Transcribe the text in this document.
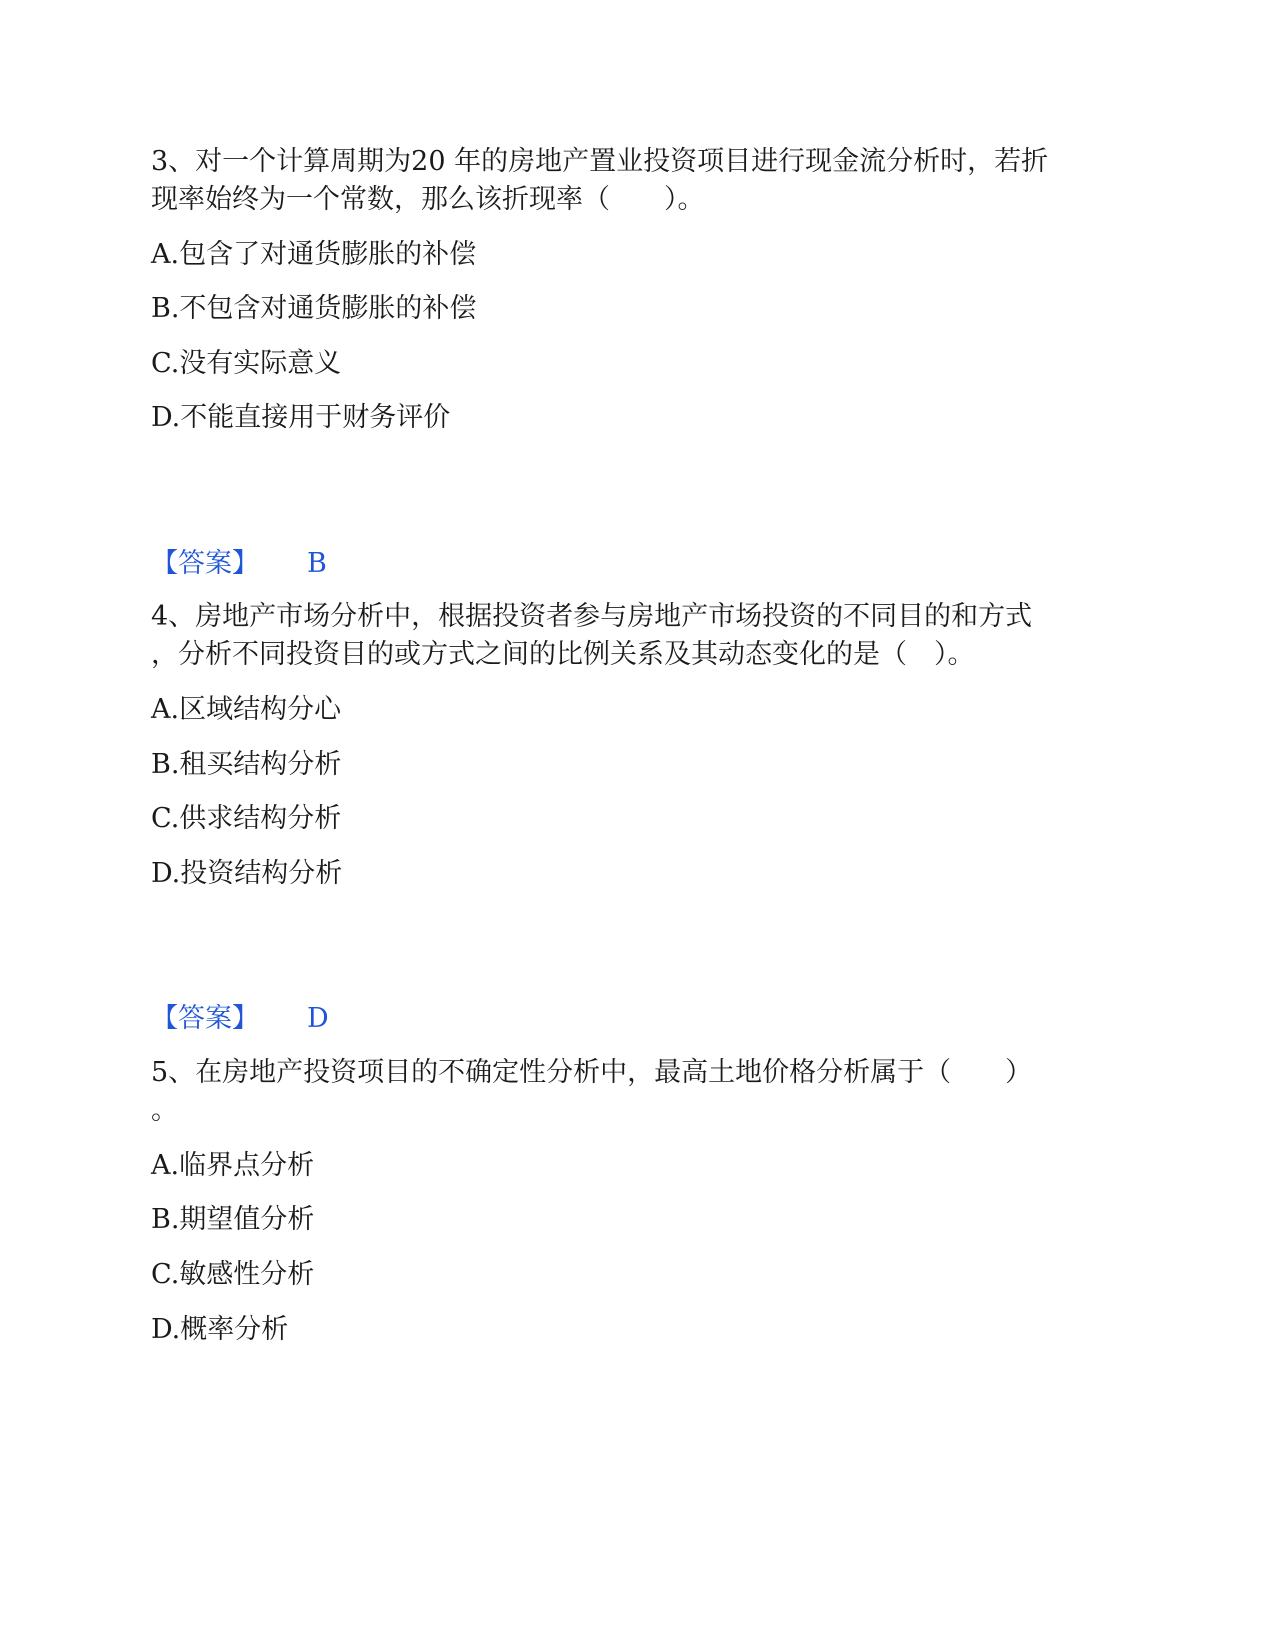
3、对一个计算周期为20 年的房地产置业投资项目进行现金流分析时，若折
现率始终为一个常数，那么该折现率（　　）。
A.包含了对通货膨胀的补偿
B.不包含对通货膨胀的补偿
C.没有实际意义
D.不能直接用于财务评价
【答案】 B
4、房地产市场分析中，根据投资者参与房地产市场投资的不同目的和方式
，分析不同投资目的或方式之间的比例关系及其动态变化的是（　）。
A.区域结构分心
B.租买结构分析
C.供求结构分析
D.投资结构分析
【答案】 D
5、在房地产投资项目的不确定性分析中，最高土地价格分析属于（　　）
。
A.临界点分析
B.期望值分析
C.敏感性分析
D.概率分析
